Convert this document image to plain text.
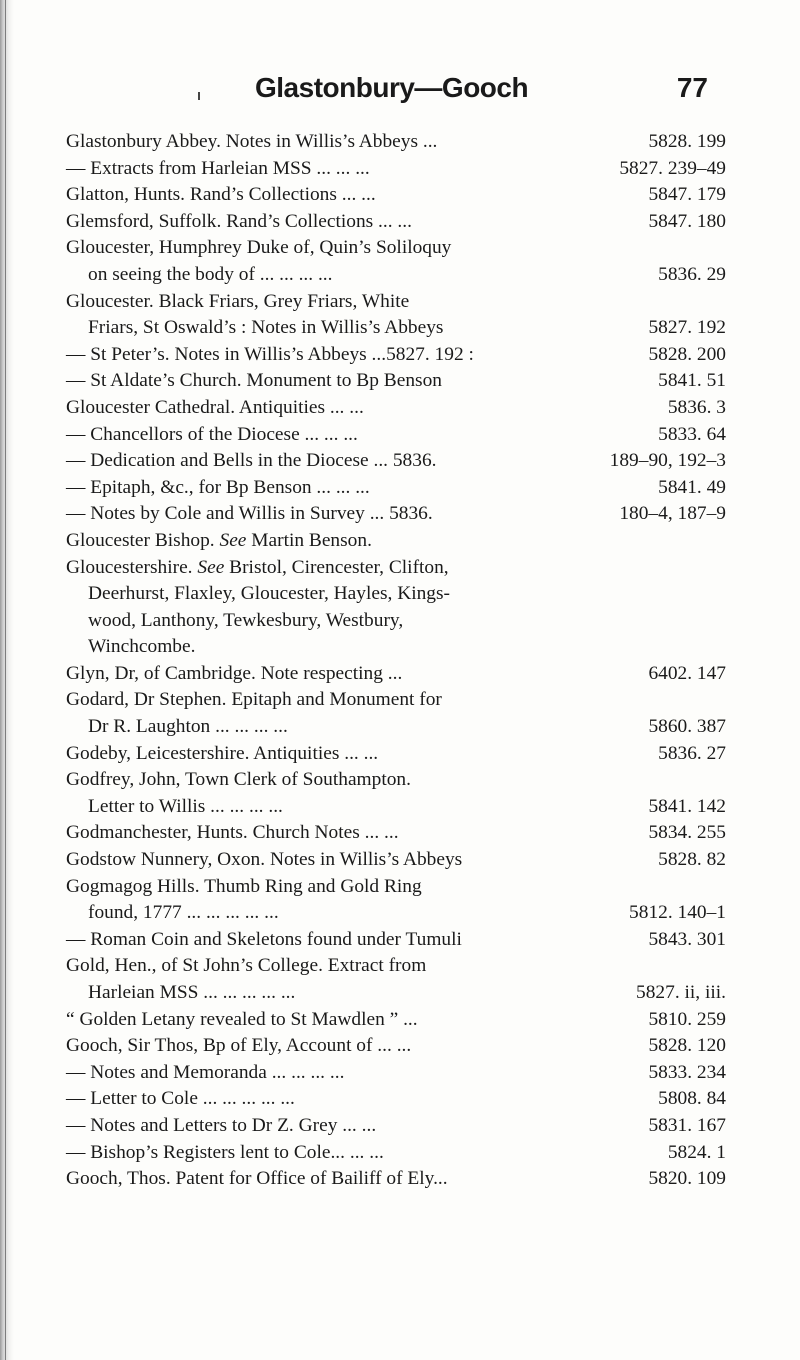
Glastonbury—Gooch	77
Glastonbury Abbey. Notes in Willis’s Abbeys ...	5828. 199
— Extracts from Harleian MSS ... ... ...	5827. 239–49
Glatton, Hunts. Rand’s Collections ... ...	5847. 179
Glemsford, Suffolk. Rand’s Collections ... ...	5847. 180
Gloucester, Humphrey Duke of, Quin’s Soliloquy
on seeing the body of ... ... ... ...	5836. 29
Gloucester. Black Friars, Grey Friars, White
Friars, St Oswald’s : Notes in Willis’s Abbeys	5827. 192
— St Peter’s. Notes in Willis’s Abbeys ...5827. 192 :	5828. 200
— St Aldate’s Church. Monument to Bp Benson	5841. 51
Gloucester Cathedral. Antiquities ... ...	5836. 3
— Chancellors of the Diocese ... ... ...	5833. 64
— Dedication and Bells in the Diocese ... 5836.	189–90, 192–3
— Epitaph, &c., for Bp Benson ... ... ...	5841. 49
— Notes by Cole and Willis in Survey ... 5836.	180–4, 187–9
Gloucester Bishop. See Martin Benson.
Gloucestershire. See Bristol, Cirencester, Clifton,
Deerhurst, Flaxley, Gloucester, Hayles, Kings-
wood, Lanthony, Tewkesbury, Westbury,
Winchcombe.
Glyn, Dr, of Cambridge. Note respecting ...	6402. 147
Godard, Dr Stephen. Epitaph and Monument for
Dr R. Laughton ... ... ... ...	5860. 387
Godeby, Leicestershire. Antiquities ... ...	5836. 27
Godfrey, John, Town Clerk of Southampton.
Letter to Willis ... ... ... ...	5841. 142
Godmanchester, Hunts. Church Notes ... ...	5834. 255
Godstow Nunnery, Oxon. Notes in Willis’s Abbeys	5828. 82
Gogmagog Hills. Thumb Ring and Gold Ring
found, 1777 ... ... ... ... ...	5812. 140–1
— Roman Coin and Skeletons found under Tumuli	5843. 301
Gold, Hen., of St John’s College. Extract from
Harleian MSS ... ... ... ... ...	5827. ii, iii.
“ Golden Letany revealed to St Mawdlen ” ...	5810. 259
Gooch, Sir Thos, Bp of Ely, Account of ... ...	5828. 120
— Notes and Memoranda ... ... ... ...	5833. 234
— Letter to Cole ... ... ... ... ...	5808. 84
— Notes and Letters to Dr Z. Grey ... ...	5831. 167
— Bishop’s Registers lent to Cole... ... ...	5824. 1
Gooch, Thos. Patent for Office of Bailiff of Ely...	5820. 109
